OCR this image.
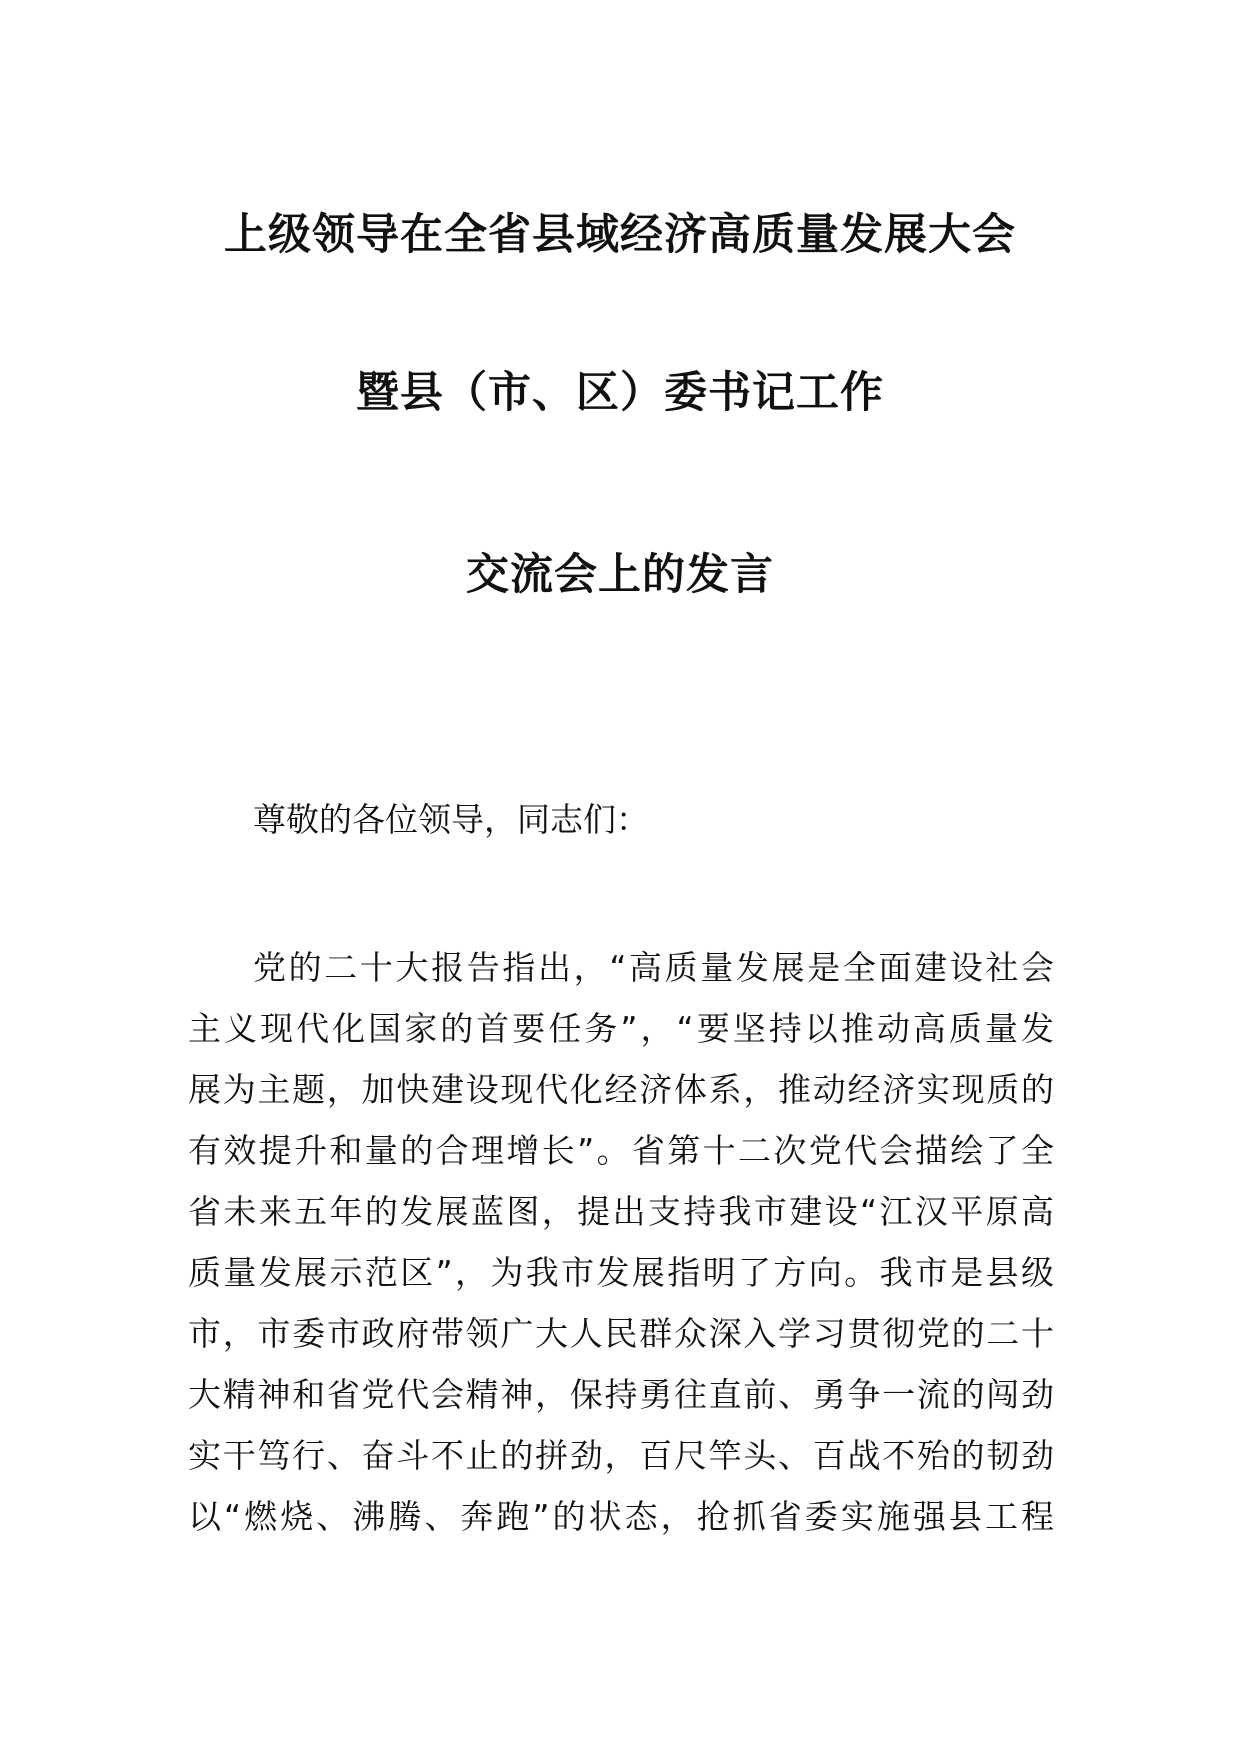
上级领导在全省县域经济高质量发展大会
暨县（市、区）委书记工作
交流会上的发言
尊敬的各位领导，同志们：
党的二十大报告指出，“高质量发展是全面建设社会
主义现代化国家的首要任务”，“要坚持以推动高质量发
展为主题，加快建设现代化经济体系，推动经济实现质的
有效提升和量的合理增长”。省第十二次党代会描绘了全
省未来五年的发展蓝图，提出支持我市建设“江汉平原高
质量发展示范区”，为我市发展指明了方向。我市是县级
市，市委市政府带领广大人民群众深入学习贯彻党的二十
大精神和省党代会精神，保持勇往直前、勇争一流的闯劲
实干笃行、奋斗不止的拼劲，百尺竿头、百战不殆的韧劲
以“燃烧、沸腾、奔跑”的状态，抢抓省委实施强县工程
